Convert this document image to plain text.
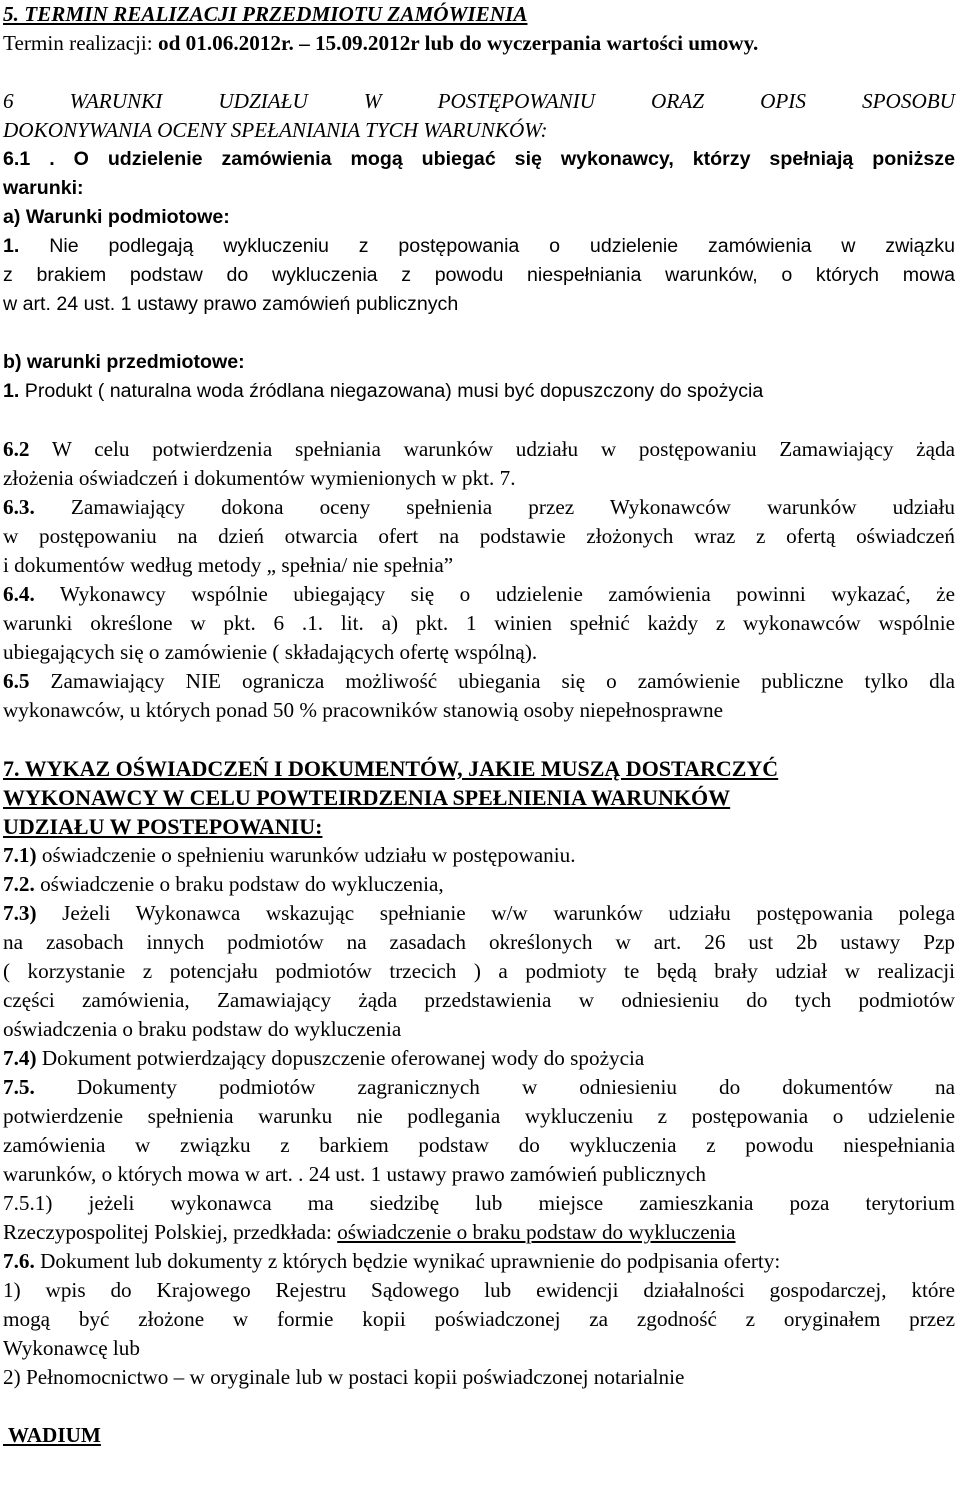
5. TERMIN REALIZACJI PRZEDMIOTU ZAMÓWIENIA

Termin realizacji: od 01.06.2012r. – 15.09.2012r lub do wyczerpania wartości umowy.

6 WARUNKI UDZIAŁU W POSTĘPOWANIU ORAZ OPIS SPOSOBU

DOKONYWANIA OCENY SPEŁANIANIA TYCH WARUNKÓW:

6.1 . O udzielenie zamówienia mogą ubiegać się wykonawcy, którzy spełniają poniższe

warunki:

a) Warunki podmiotowe:

1. Nie podlegają wykluczeniu z postępowania o udzielenie zamówienia w związku

z brakiem podstaw do wykluczenia z powodu niespełniania warunków, o których mowa

w art. 24 ust. 1 ustawy prawo zamówień publicznych

b) warunki przedmiotowe:

1. Produkt ( naturalna woda źródlana niegazowana) musi być dopuszczony do spożycia

6.2 W celu potwierdzenia spełniania warunków udziału w postępowaniu Zamawiający żąda

złożenia oświadczeń i dokumentów wymienionych w pkt. 7.

6.3. Zamawiający dokona oceny spełnienia przez Wykonawców warunków udziału

w postępowaniu na dzień otwarcia ofert na podstawie złożonych wraz z ofertą oświadczeń

i dokumentów według metody „ spełnia/ nie spełnia”

6.4. Wykonawcy wspólnie ubiegający się o udzielenie zamówienia powinni wykazać, że

warunki określone w pkt. 6 .1. lit. a) pkt. 1 winien spełnić każdy z wykonawców wspólnie

ubiegających się o zamówienie ( składających ofertę wspólną).

6.5 Zamawiający NIE ogranicza możliwość ubiegania się o zamówienie publiczne tylko dla

wykonawców, u których ponad 50 % pracowników stanowią osoby niepełnosprawne

7. WYKAZ OŚWIADCZEŃ I DOKUMENTÓW, JAKIE MUSZĄ DOSTARCZYĆ

WYKONAWCY W CELU POWTEIRDZENIA SPEŁNIENIA WARUNKÓW

UDZIAŁU W POSTEPOWANIU:

7.1) oświadczenie o spełnieniu warunków udziału w postępowaniu.

7.2. oświadczenie o braku podstaw do wykluczenia,

7.3) Jeżeli Wykonawca wskazując spełnianie w/w warunków udziału postępowania polega

na zasobach innych podmiotów na zasadach określonych w art. 26 ust 2b ustawy Pzp

( korzystanie z potencjału podmiotów trzecich ) a podmioty te będą brały udział w realizacji

części zamówienia, Zamawiający żąda przedstawienia w odniesieniu do tych podmiotów

oświadczenia o braku podstaw do wykluczenia

7.4) Dokument potwierdzający dopuszczenie oferowanej wody do spożycia

7.5. Dokumenty podmiotów zagranicznych w odniesieniu do dokumentów na

potwierdzenie spełnienia warunku nie podlegania wykluczeniu z postępowania o udzielenie

zamówienia w związku z barkiem podstaw do wykluczenia z powodu niespełniania

warunków, o których mowa w art. . 24 ust. 1 ustawy prawo zamówień publicznych

7.5.1) jeżeli wykonawca ma siedzibę lub miejsce zamieszkania poza terytorium

Rzeczypospolitej Polskiej, przedkłada: oświadczenie o braku podstaw do wykluczenia

7.6. Dokument lub dokumenty z których będzie wynikać uprawnienie do podpisania oferty:

1) wpis do Krajowego Rejestru Sądowego lub ewidencji działalności gospodarczej, które

mogą być złożone w formie kopii poświadczonej za zgodność z oryginałem przez

Wykonawcę lub

2) Pełnomocnictwo – w oryginale lub w postaci kopii poświadczonej notarialnie

WADIUM
